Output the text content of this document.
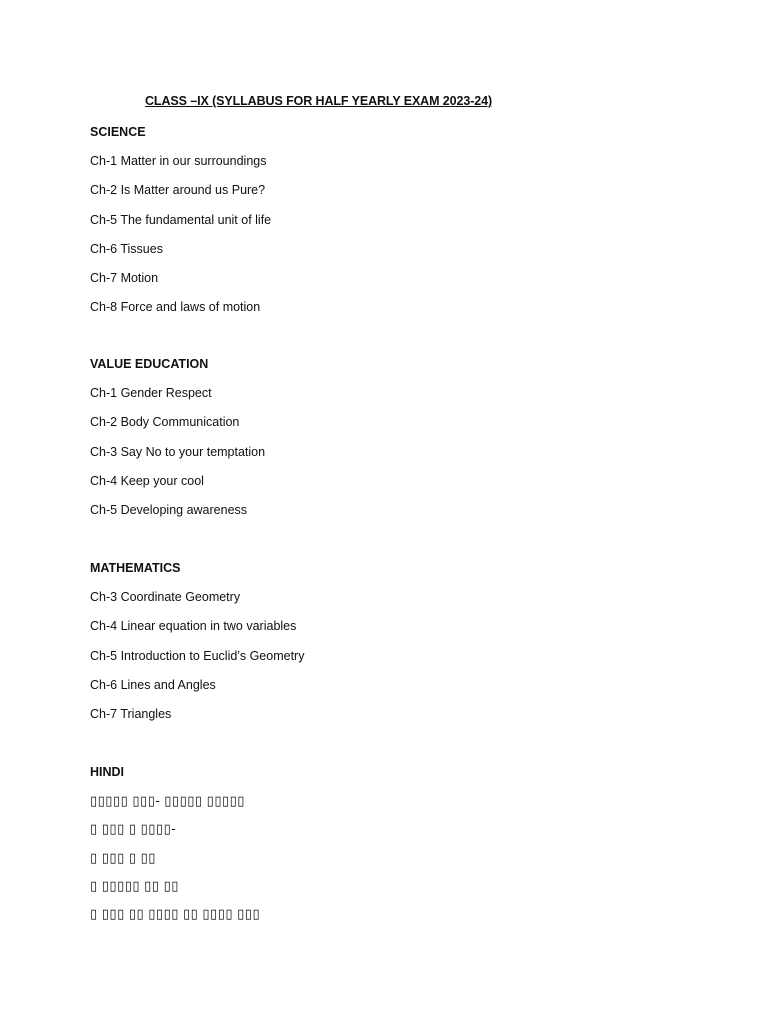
CLASS –IX (SYLLABUS FOR HALF YEARLY EXAM 2023-24)
SCIENCE
Ch-1 Matter in our surroundings
Ch-2 Is Matter around us Pure?
Ch-5 The fundamental unit of life
Ch-6 Tissues
Ch-7 Motion
Ch-8 Force and laws of motion
VALUE EDUCATION
Ch-1 Gender Respect
Ch-2 Body Communication
Ch-3 Say No to your temptation
Ch-4 Keep your cool
Ch-5 Developing awareness
MATHEMATICS
Ch-3 Coordinate Geometry
Ch-4 Linear equation in two variables
Ch-5 Introduction to Euclid’s Geometry
Ch-6 Lines and Angles
Ch-7 Triangles
HINDI
▯▯▯▯▯ ▯▯▯- ▯▯▯▯▯ ▯▯▯▯▯
▯ ▯▯▯ ▯ ▯▯▯▯-
▯ ▯▯▯ ▯ ▯▯
▯ ▯▯▯▯▯ ▯▯ ▯▯
▯ ▯▯▯ ▯▯ ▯▯▯▯ ▯▯ ▯▯▯▯ ▯▯▯
